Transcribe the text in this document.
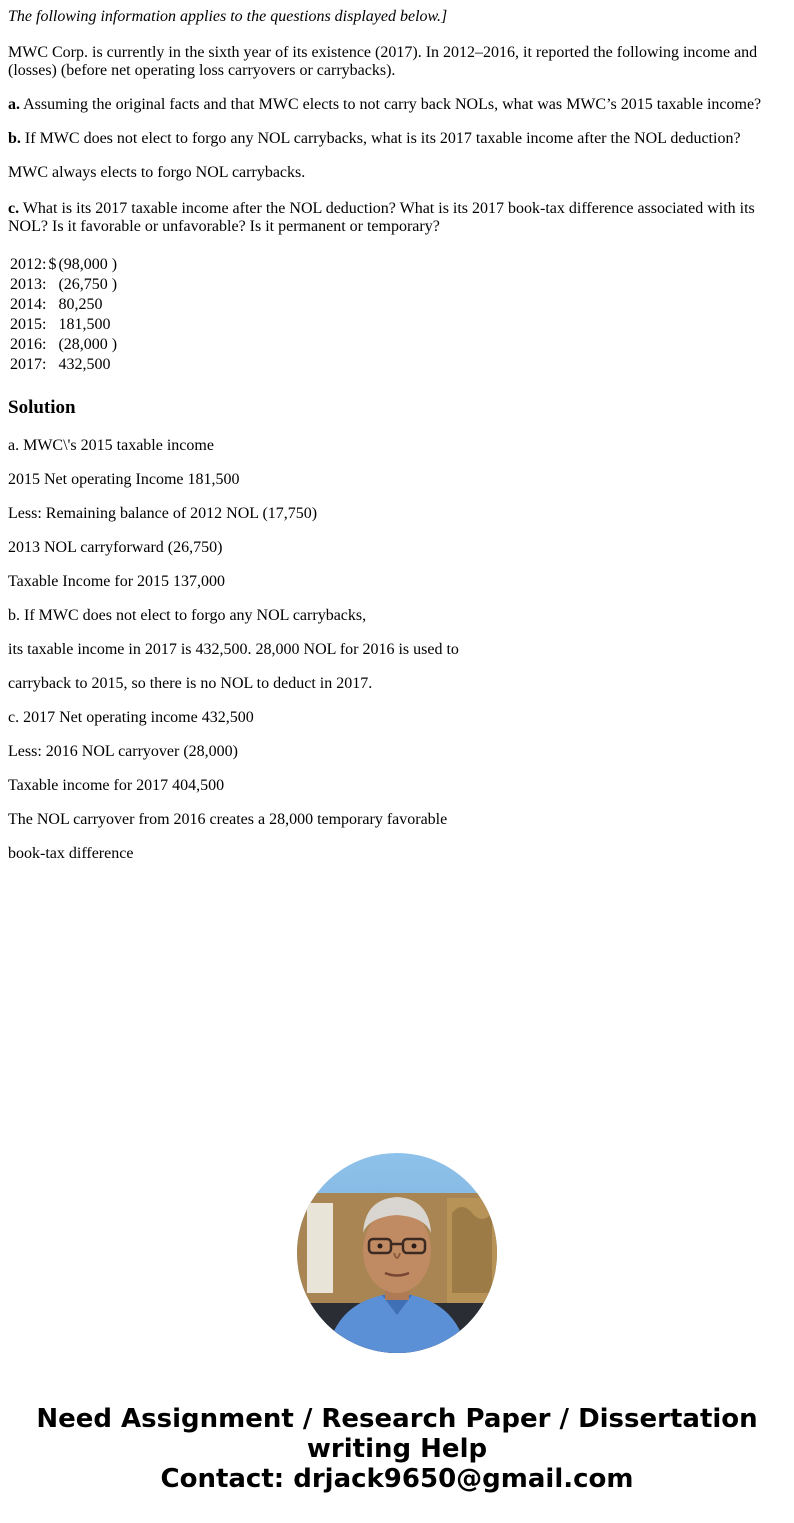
The following information applies to the questions displayed below.]

MWC Corp. is currently in the sixth year of its existence (2017). In 2012–2016, it reported the following income and (losses) (before net operating loss carryovers or carrybacks).

a. Assuming the original facts and that MWC elects to not carry back NOLs, what was MWC’s 2015 taxable income?

b. If MWC does not elect to forgo any NOL carrybacks, what is its 2017 taxable income after the NOL deduction?

MWC always elects to forgo NOL carrybacks.

c. What is its 2017 taxable income after the NOL deduction? What is its 2017 book-tax difference associated with its NOL? Is it favorable or unfavorable? Is it permanent or temporary?

2012:	$	(98,000 )
2013:		(26,750 )
2014:		80,250
2015:		181,500
2016:		(28,000 )
2017:		432,500
Solution

a. MWC\'s 2015 taxable income

2015 Net operating Income 181,500

Less: Remaining balance of 2012 NOL (17,750)

2013 NOL carryforward (26,750)

Taxable Income for 2015 137,000

b. If MWC does not elect to forgo any NOL carrybacks,

its taxable income in 2017 is 432,500. 28,000 NOL for 2016 is used to

carryback to 2015, so there is no NOL to deduct in 2017.

c. 2017 Net operating income 432,500

Less: 2016 NOL carryover (28,000)

Taxable income for 2017 404,500

The NOL carryover from 2016 creates a 28,000 temporary favorable

book-tax difference

Need Assignment / Research Paper / Dissertation
writing Help
Contact: drjack9650@gmail.com
